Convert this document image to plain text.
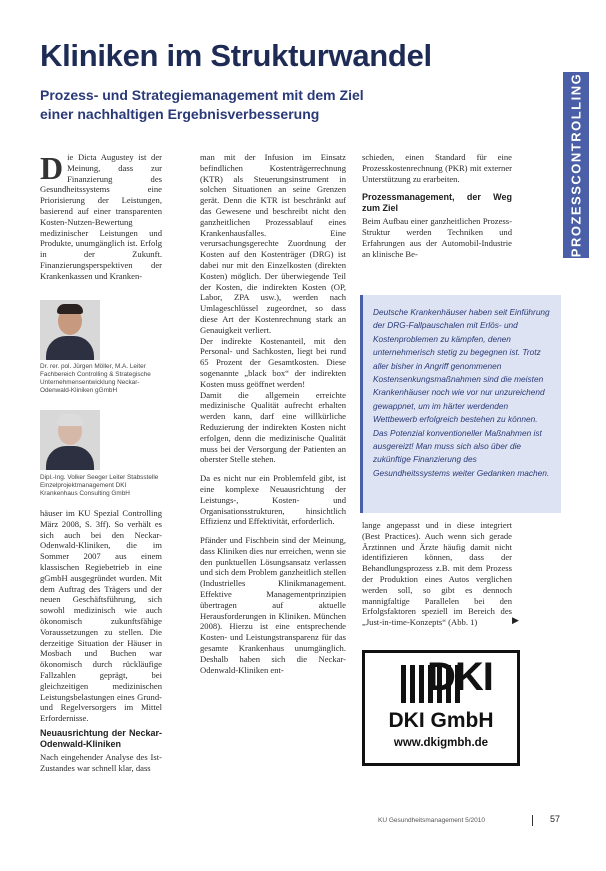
Kliniken im Strukturwandel
Prozess- und Strategiemanagement mit dem Ziel
einer nachhaltigen Ergebnisverbesserung	PROZESSCONTROLLING

Die Dicta Augustey ist der Meinung, dass zur Finanzierung des Gesundheitssystems eine Priorisierung der Leistungen, basierend auf einer transparenten Kosten-Nutzen-Bewertung medizinischer Leistungen und Produkte, unumgänglich ist. Erfolg in der Zukunft. Finanzierungsperspektiven der Krankenkassen und Kranken-

Dr. rer. pol. Jürgen Möller, M.A. Leiter Fachbereich Controlling & Strategische Unternehmensentwicklung Neckar-Odenwald-Kliniken gGmbH
Dipl.-Ing. Volker Seeger Leiter Stabsstelle Einzelprojektmanagement DKI Krankenhaus Consulting GmbH

häuser im KU Spezial Controlling März 2008, S. 3ff). So verhält es sich auch bei den Neckar-Odenwald-Kliniken, die im Sommer 2007 aus einem klassischen Regiebetrieb in eine gGmbH ausgegründet wurden. Mit dem Auftrag des Trägers und der neuen Geschäftsführung, sich sowohl medizinisch wie auch ökonomisch zukunftsfähige Voraussetzungen zu stellen. Die derzeitige Situation der Häuser in Mosbach und Buchen war ökonomisch durch rückläufige Fallzahlen geprägt, bei gleichzeitigen medizinischen Leistungsbelastungen eines Grund- und Regelversorgers im Mittel Erfordernisse.

Neuausrichtung der Neckar-Odenwald-Kliniken

Nach eingehender Analyse des Ist-Zustandes war schnell klar, dass

man mit der Infusion im Einsatz befindlichen Kostenträgerrechnung (KTR) als Steuerungsinstrument in solchen Situationen an seine Grenzen gerät. Denn die KTR ist beschränkt auf das Gewesene und beschreibt nicht den ganzheitlichen Prozessablauf eines Krankenhausfalles. Eine verursachungsgerechte Zuordnung der Kosten auf den Kostenträger (DRG) ist dabei nur mit den Einzelkosten (direkten Kosten) möglich. Der überwiegende Teil der Kosten, die indirekten Kosten (OP, Labor, ZPA usw.), werden nach Umlageschlüssel zugeordnet, so dass diese Art der Kostenrechnung stark an Genauigkeit verliert.

Der indirekte Kostenanteil, mit den Personal- und Sachkosten, liegt bei rund 65 Prozent der Gesamtkosten. Diese sogenannte „black box“ der indirekten Kosten muss geöffnet werden!

Damit die allgemein erreichte medizinische Qualität aufrecht erhalten werden kann, darf eine willkürliche Reduzierung der indirekten Kosten nicht erfolgen, denn die medizinische Qualität muss bei der Versorgung der Patienten an oberster Stelle stehen.

Da es nicht nur ein Problemfeld gibt, ist eine komplexe Neuausrichtung der Leistungs-, Kosten- und Organisationsstrukturen, hinsichtlich Effizienz und Effektivität, erforderlich.

Pfänder und Fischbein sind der Meinung, dass Kliniken dies nur erreichen, wenn sie den punktuellen Lösungsansatz verlassen und sich dem Problem ganzheitlich stellen (Industrielles Klinikmanagement. Effektive Managementprinzipien übertragen auf aktuelle Herausforderungen in Kliniken. München 2008). Hierzu ist eine entsprechende Kosten- und Leistungstransparenz für das gesamte Krankenhaus unumgänglich. Deshalb haben sich die Neckar-Odenwald-Kliniken ent-

schieden, einen Standard für eine Prozesskostenrechnung (PKR) mit externer Unterstützung zu erarbeiten.

Prozessmanagement, der Weg zum Ziel

Beim Aufbau einer ganzheitlichen Prozess-Struktur werden Techniken und Erfahrungen aus der Automobil-Industrie an klinische Be-

Deutsche Krankenhäuser haben seit Einführung der DRG-Fallpauschalen mit Erlös- und Kostenproblemen zu kämpfen, denen unternehmerisch stetig zu begegnen ist. Trotz aller bisher in Angriff genommenen Kostensenkungsmaßnahmen sind die meisten Krankenhäuser noch wie vor nur unzureichend gewappnet, um im härter werdenden Wettbewerb erfolgreich bestehen zu können. Das Potenzial konventioneller Maßnahmen ist ausgereizt! Man muss sich also über die zukünftige Finanzierung des Gesundheitssystems weiter Gedanken machen.

lange angepasst und in diese integriert (Best Practices). Auch wenn sich gerade Ärztinnen und Ärzte häufig damit nicht identifizieren können, dass der Behandlungsprozess z.B. mit dem Prozess der Produktion eines Autos verglichen werden soll, so gibt es dennoch mannigfaltige Parallelen bei den Erfolgsfaktoren speziell im Bereich des „Just-in-time-Konzepts“ (Abb. 1)	▶
DKI
DKI GmbH
www.dkigmbh.de
KU Gesundheitsmanagement 5/2010	57
